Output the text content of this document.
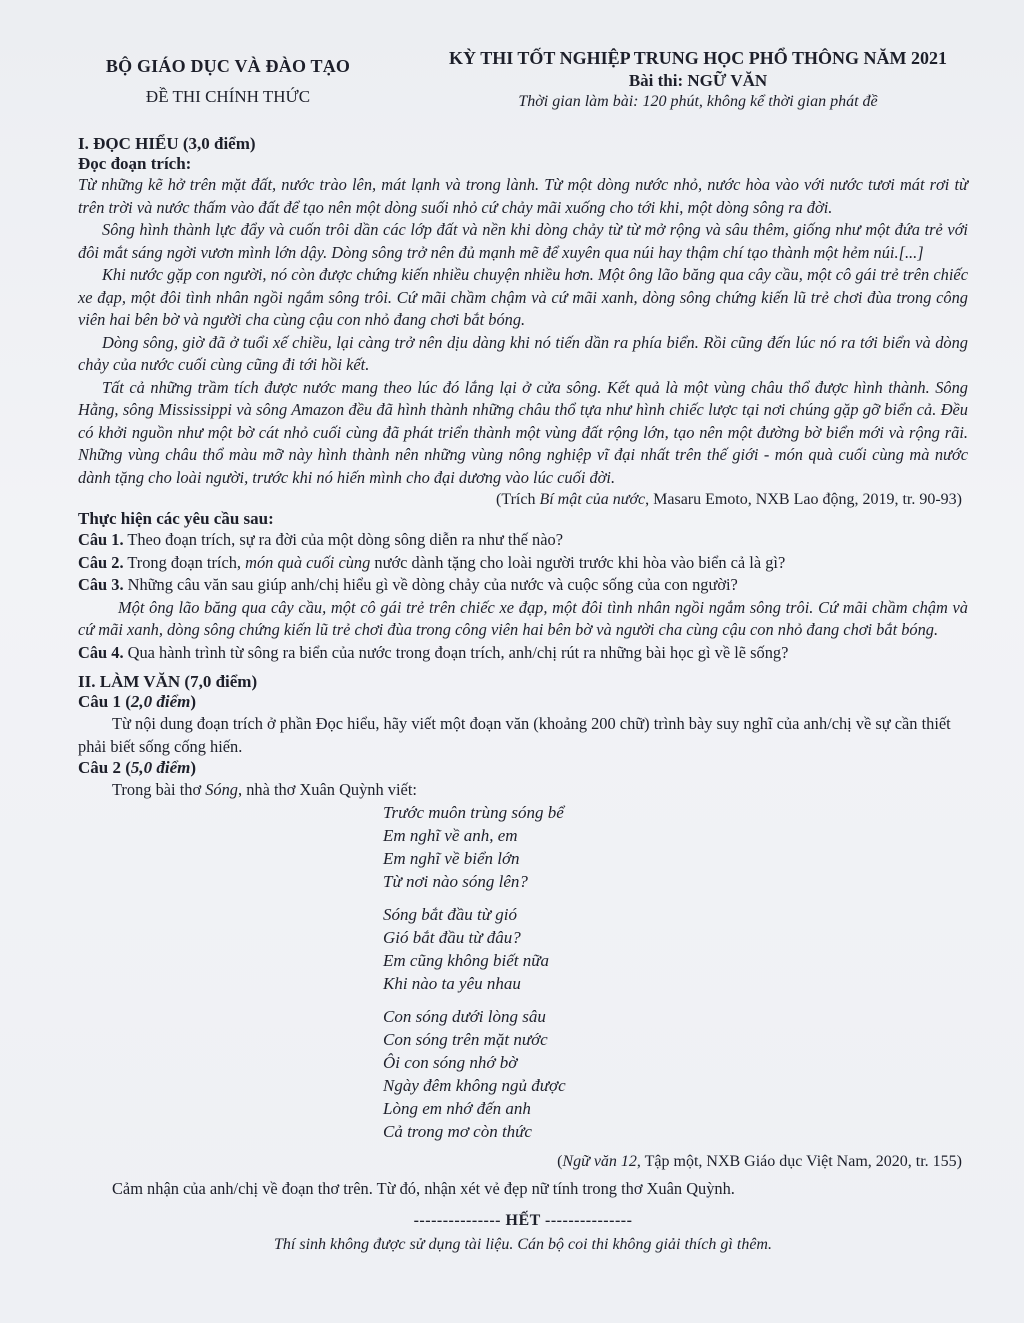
BỘ GIÁO DỤC VÀ ĐÀO TẠO
ĐỀ THI CHÍNH THỨC
KỲ THI TỐT NGHIỆP TRUNG HỌC PHỔ THÔNG NĂM 2021
Bài thi: NGỮ VĂN
Thời gian làm bài: 120 phút, không kể thời gian phát đề
I. ĐỌC HIỂU (3,0 điểm)
Đọc đoạn trích:

Từ những kẽ hở trên mặt đất, nước trào lên, mát lạnh và trong lành. Từ một dòng nước nhỏ, nước hòa vào với nước tươi mát rơi từ trên trời và nước thấm vào đất để tạo nên một dòng suối nhỏ cứ chảy mãi xuống cho tới khi, một dòng sông ra đời.

Sông hình thành lực đẩy và cuốn trôi dần các lớp đất và nền khi dòng chảy từ từ mở rộng và sâu thêm, giống như một đứa trẻ với đôi mắt sáng ngời vươn mình lớn dậy. Dòng sông trở nên đủ mạnh mẽ để xuyên qua núi hay thậm chí tạo thành một hẻm núi.[...]

Khi nước gặp con người, nó còn được chứng kiến nhiều chuyện nhiều hơn. Một ông lão băng qua cây cầu, một cô gái trẻ trên chiếc xe đạp, một đôi tình nhân ngồi ngắm sông trôi. Cứ mãi chầm chậm và cứ mãi xanh, dòng sông chứng kiến lũ trẻ chơi đùa trong công viên hai bên bờ và người cha cùng cậu con nhỏ đang chơi bắt bóng.

Dòng sông, giờ đã ở tuổi xế chiều, lại càng trở nên dịu dàng khi nó tiến dần ra phía biển. Rồi cũng đến lúc nó ra tới biển và dòng chảy của nước cuối cùng cũng đi tới hồi kết.

Tất cả những trầm tích được nước mang theo lúc đó lắng lại ở cửa sông. Kết quả là một vùng châu thổ được hình thành. Sông Hằng, sông Mississippi và sông Amazon đều đã hình thành những châu thổ tựa như hình chiếc lược tại nơi chúng gặp gỡ biển cả. Đều có khởi nguồn như một bờ cát nhỏ cuối cùng đã phát triển thành một vùng đất rộng lớn, tạo nên một đường bờ biển mới và rộng rãi. Những vùng châu thổ màu mỡ này hình thành nên những vùng nông nghiệp vĩ đại nhất trên thế giới - món quà cuối cùng mà nước dành tặng cho loài người, trước khi nó hiến mình cho đại dương vào lúc cuối đời.

(Trích Bí mật của nước, Masaru Emoto, NXB Lao động, 2019, tr. 90-93)
Thực hiện các yêu cầu sau:

Câu 1. Theo đoạn trích, sự ra đời của một dòng sông diễn ra như thế nào?

Câu 2. Trong đoạn trích, món quà cuối cùng nước dành tặng cho loài người trước khi hòa vào biển cả là gì?

Câu 3. Những câu văn sau giúp anh/chị hiểu gì về dòng chảy của nước và cuộc sống của con người?

Một ông lão băng qua cây cầu, một cô gái trẻ trên chiếc xe đạp, một đôi tình nhân ngồi ngắm sông trôi. Cứ mãi chầm chậm và cứ mãi xanh, dòng sông chứng kiến lũ trẻ chơi đùa trong công viên hai bên bờ và người cha cùng cậu con nhỏ đang chơi bắt bóng.

Câu 4. Qua hành trình từ sông ra biển của nước trong đoạn trích, anh/chị rút ra những bài học gì về lẽ sống?

II. LÀM VĂN (7,0 điểm)
Câu 1 (2,0 điểm)

Từ nội dung đoạn trích ở phần Đọc hiểu, hãy viết một đoạn văn (khoảng 200 chữ) trình bày suy nghĩ của anh/chị về sự cần thiết phải biết sống cống hiến.

Câu 2 (5,0 điểm)

Trong bài thơ Sóng, nhà thơ Xuân Quỳnh viết:

Trước muôn trùng sóng bể
Em nghĩ về anh, em
Em nghĩ về biển lớn
Từ nơi nào sóng lên?
Sóng bắt đầu từ gió
Gió bắt đầu từ đâu?
Em cũng không biết nữa
Khi nào ta yêu nhau
Con sóng dưới lòng sâu
Con sóng trên mặt nước
Ôi con sóng nhớ bờ
Ngày đêm không ngủ được
Lòng em nhớ đến anh
Cả trong mơ còn thức
(Ngữ văn 12, Tập một, NXB Giáo dục Việt Nam, 2020, tr. 155)

Cảm nhận của anh/chị về đoạn thơ trên. Từ đó, nhận xét vẻ đẹp nữ tính trong thơ Xuân Quỳnh.

--------------- HẾT ---------------
Thí sinh không được sử dụng tài liệu. Cán bộ coi thi không giải thích gì thêm.
